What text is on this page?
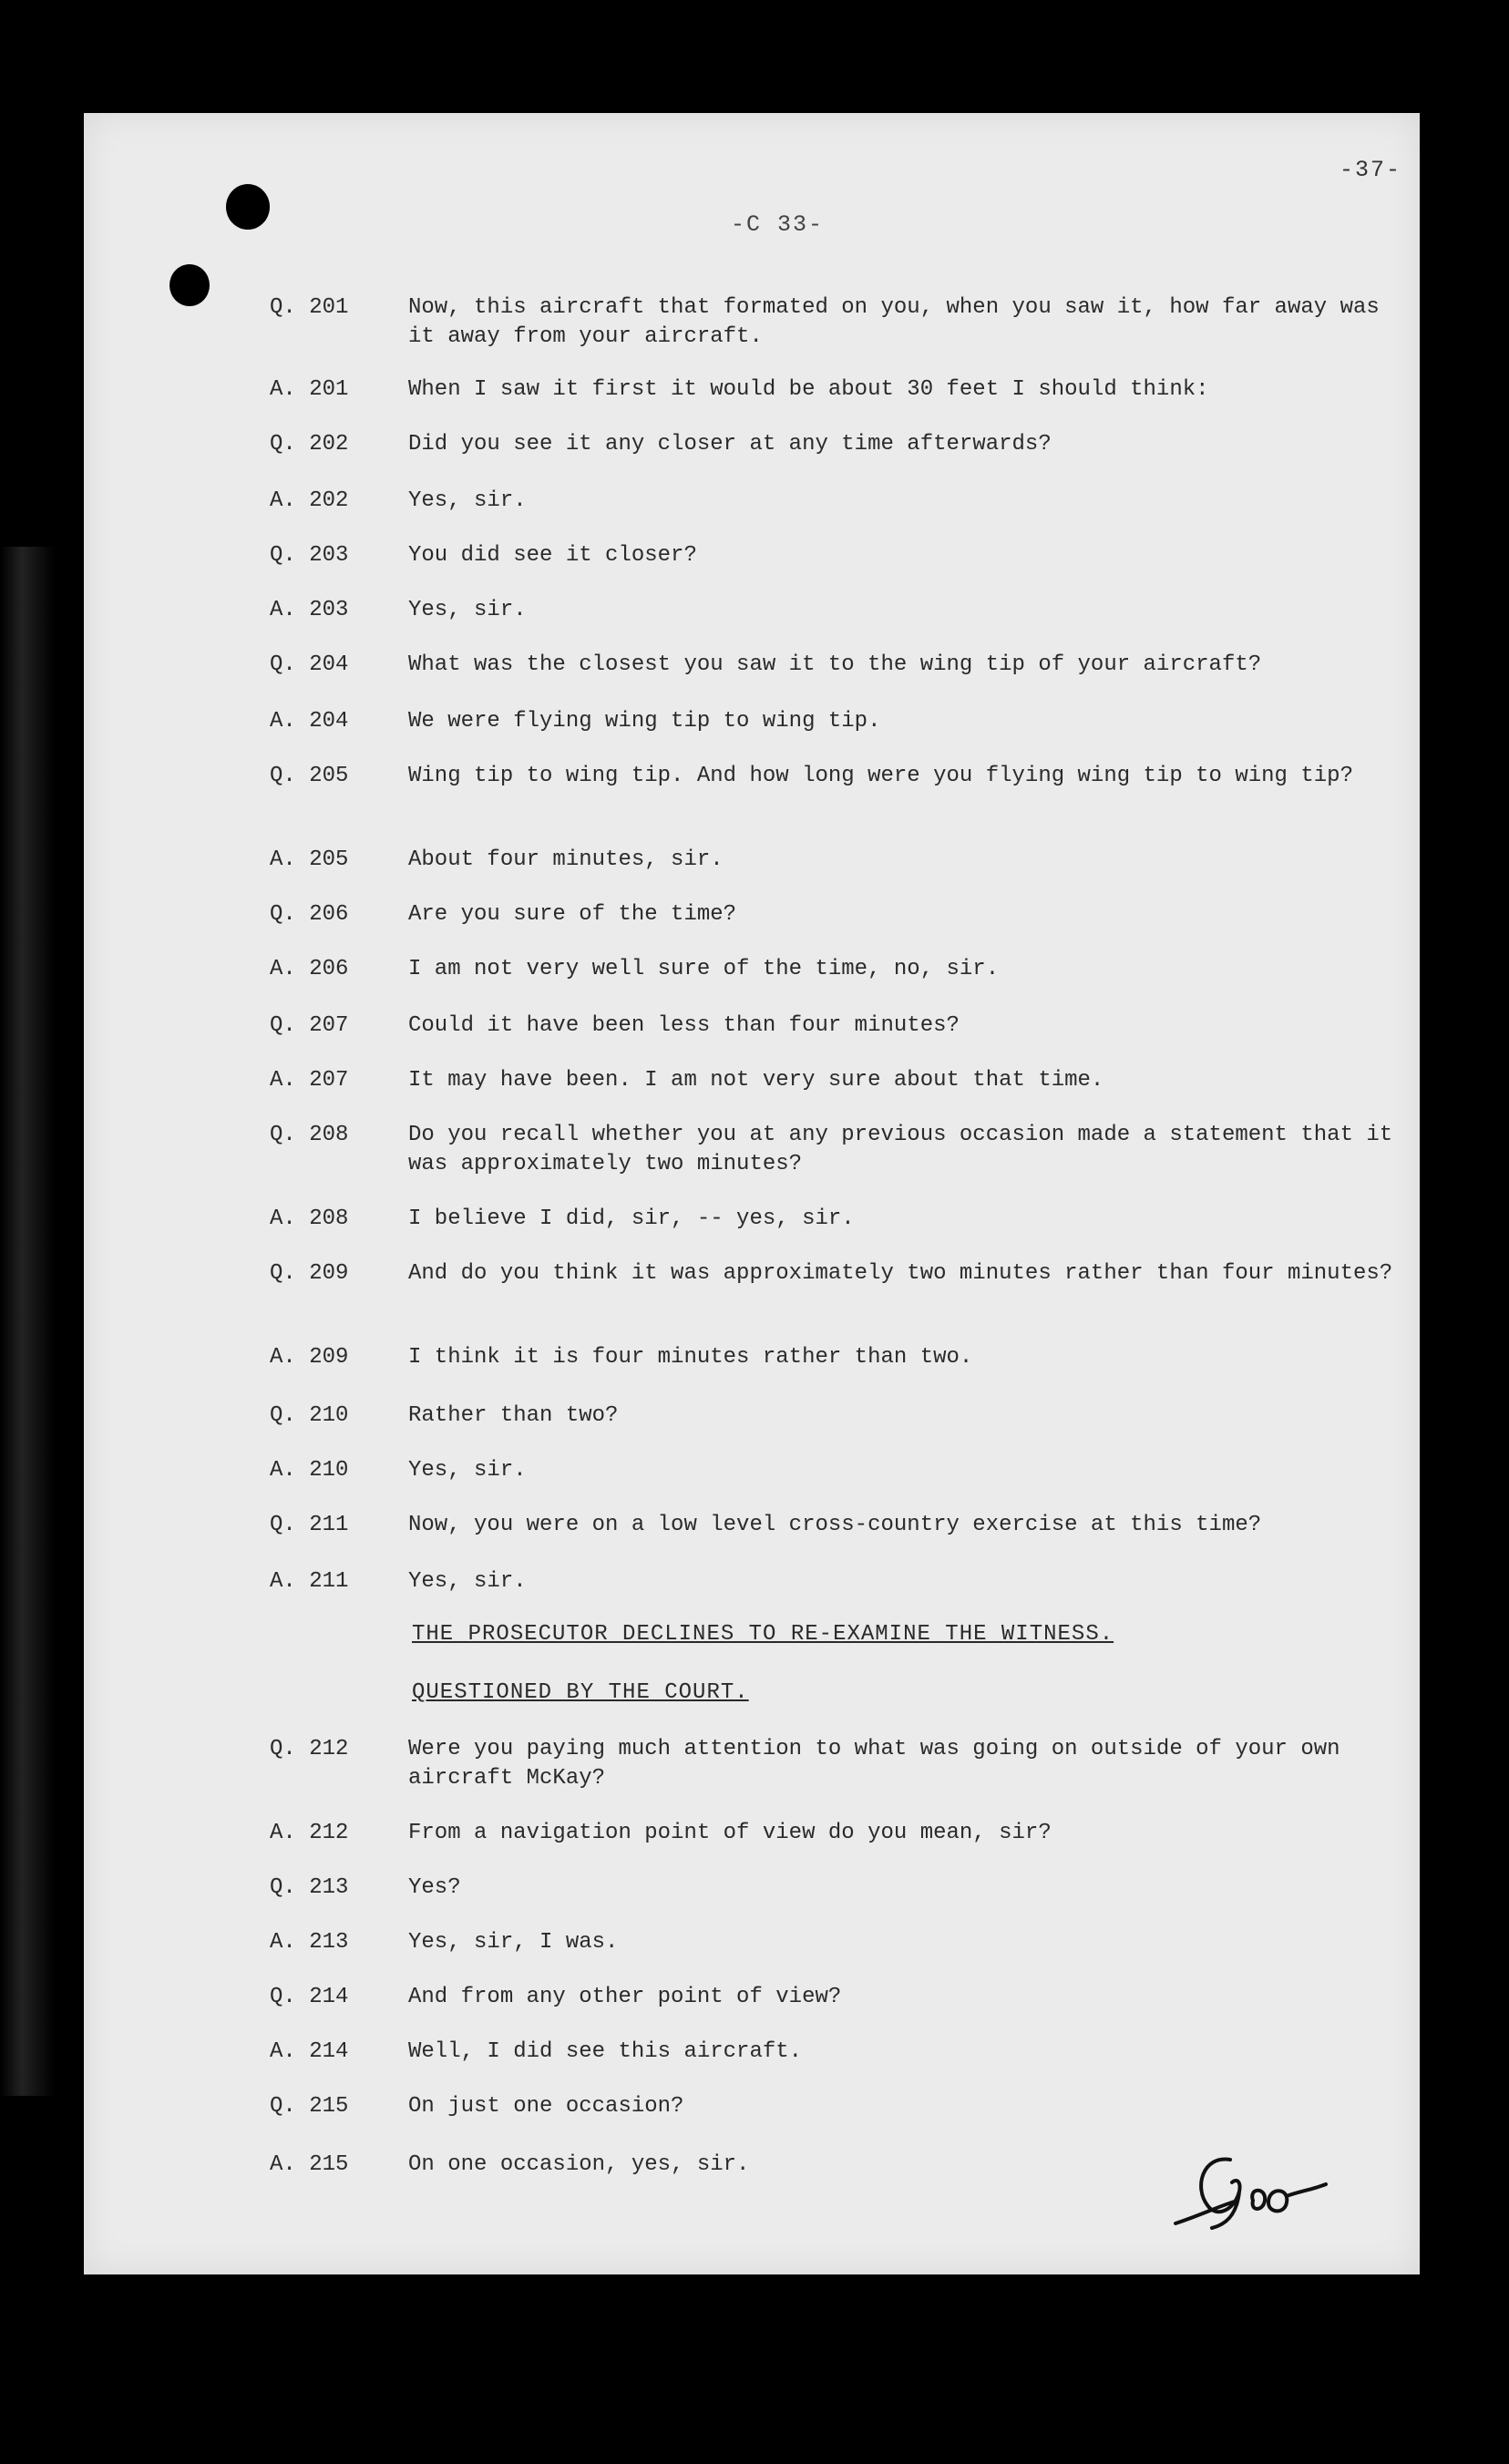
-37-
-C 33-
Q. 201	Now, this aircraft that formated on you, when you saw it, how far away was it away from your aircraft.
A. 201	When I saw it first it would be about 30 feet I should think:
Q. 202	Did you see it any closer at any time afterwards?
A. 202	Yes, sir.
Q. 203	You did see it closer?
A. 203	Yes, sir.
Q. 204	What was the closest you saw it to the wing tip of your aircraft?
A. 204	We were flying wing tip to wing tip.
Q. 205	Wing tip to wing tip. And how long were you flying wing tip to wing tip?
A. 205	About four minutes, sir.
Q. 206	Are you sure of the time?
A. 206	I am not very well sure of the time, no, sir.
Q. 207	Could it have been less than four minutes?
A. 207	It may have been. I am not very sure about that time.
Q. 208	Do you recall whether you at any previous occasion made a statement that it was approximately two minutes?
A. 208	I believe I did, sir, -- yes, sir.
Q. 209	And do you think it was approximately two minutes rather than four minutes?
A. 209	I think it is four minutes rather than two.
Q. 210	Rather than two?
A. 210	Yes, sir.
Q. 211	Now, you were on a low level cross-country exercise at this time?
A. 211	Yes, sir.
THE PROSECUTOR DECLINES TO RE-EXAMINE THE WITNESS.
QUESTIONED BY THE COURT.
Q. 212	Were you paying much attention to what was going on outside of your own aircraft McKay?
A. 212	From a navigation point of view do you mean, sir?
Q. 213	Yes?
A. 213	Yes, sir, I was.
Q. 214	And from any other point of view?
A. 214	Well, I did see this aircraft.
Q. 215	On just one occasion?
A. 215	On one occasion, yes, sir.
